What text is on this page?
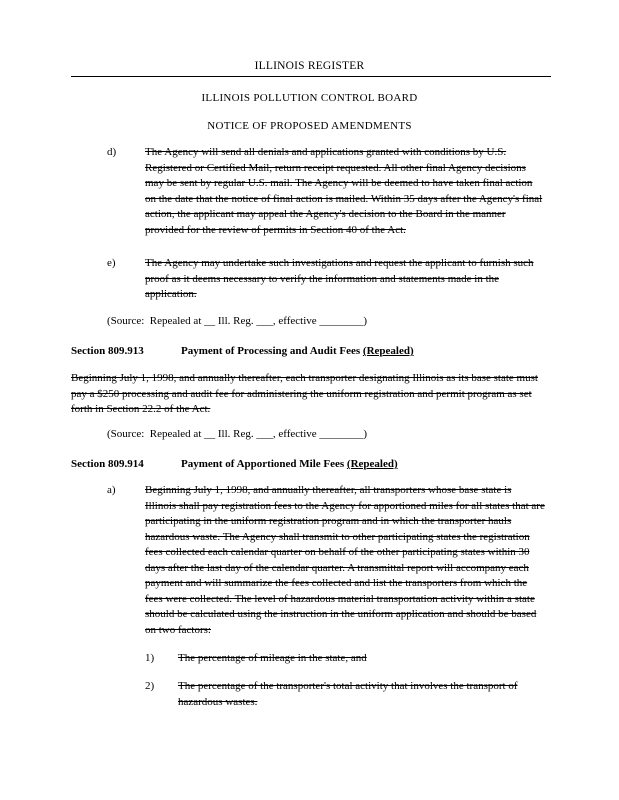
ILLINOIS REGISTER
ILLINOIS POLLUTION CONTROL BOARD
NOTICE OF PROPOSED AMENDMENTS
d)	The Agency will send all denials and applications granted with conditions by U.S. Registered or Certified Mail, return receipt requested. All other final Agency decisions may be sent by regular U.S. mail. The Agency will be deemed to have taken final action on the date that the notice of final action is mailed. Within 35 days after the Agency's final action, the applicant may appeal the Agency's decision to the Board in the manner provided for the review of permits in Section 40 of the Act.
e)	The Agency may undertake such investigations and request the applicant to furnish such proof as it deems necessary to verify the information and statements made in the application.
(Source:  Repealed at __ Ill. Reg. ___, effective ________)
Section 809.913	Payment of Processing and Audit Fees (Repealed)
Beginning July 1, 1998, and annually thereafter, each transporter designating Illinois as its base state must pay a $250 processing and audit fee for administering the uniform registration and permit program as set forth in Section 22.2 of the Act.
(Source:  Repealed at __ Ill. Reg. ___, effective ________)
Section 809.914	Payment of Apportioned Mile Fees (Repealed)
a)	Beginning July 1, 1998, and annually thereafter, all transporters whose base state is Illinois shall pay registration fees to the Agency for apportioned miles for all states that are participating in the uniform registration program and in which the transporter hauls hazardous waste. The Agency shall transmit to other participating states the registration fees collected each calendar quarter on behalf of the other participating states within 30 days after the last day of the calendar quarter. A transmittal report will accompany each payment and will summarize the fees collected and list the transporters from which the fees were collected. The level of hazardous material transportation activity within a state should be calculated using the instruction in the uniform application and should be based on two factors:
1) The percentage of mileage in the state, and
2) The percentage of the transporter's total activity that involves the transport of hazardous wastes.
